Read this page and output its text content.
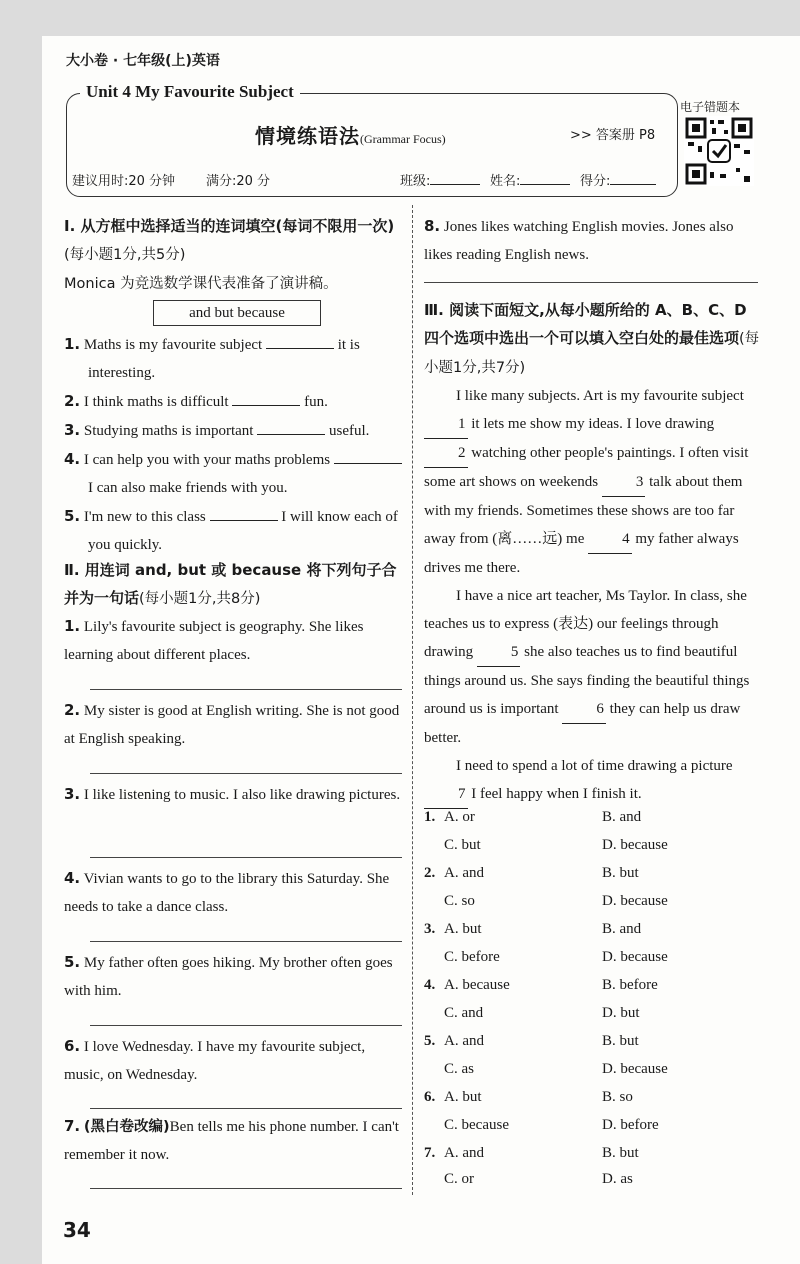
大小卷 · 七年级(上)英语
Unit 4 My Favourite Subject
情境练语法(Grammar Focus)	>> 答案册 P8
建议用时:20 分钟 满分:20 分	班级:	姓名:	得分:
电子错题本
Ⅰ. 从方框中选择适当的连词填空(每词不限用一次)(每小题1分,共5分)
Monica 为竞选数学课代表准备了演讲稿。
and but because
1. Maths is my favourite subject	it is interesting.
2. I think maths is difficult	fun.
3. Studying maths is important	useful.
4. I can help you with your maths problems  I can also make friends with you.
5. I'm new to this class	I will know each of you quickly.
Ⅱ. 用连词 and, but 或 because 将下列句子合并为一句话(每小题1分,共8分)
1. Lily's favourite subject is geography. She likes learning about different places.
2. My sister is good at English writing. She is not good at English speaking.
3. I like listening to music. I also like drawing pictures.
4. Vivian wants to go to the library this Saturday. She needs to take a dance class.
5. My father often goes hiking. My brother often goes with him.
6. I love Wednesday. I have my favourite subject, music, on Wednesday.
7. (黑白卷改编)Ben tells me his phone number. I can't remember it now.
8. Jones likes watching English movies. Jones also likes reading English news.
Ⅲ. 阅读下面短文,从每小题所给的 A、B、C、D 四个选项中选出一个可以填入空白处的最佳选项(每小题1分,共7分)
I like many subjects. Art is my favourite subject 1 it lets me show my ideas. I love drawing 2 watching other people's paintings. I often visit some art shows on weekends 3 talk about them with my friends. Sometimes these shows are too far away from (离……远) me 4 my father always drives me there.
I have a nice art teacher, Ms Taylor. In class, she teaches us to express (表达) our feelings through drawing 5 she also teaches us to find beautiful things around us. She says finding the beautiful things around us is important 6 they can help us draw better.
I need to spend a lot of time drawing a picture 7 I feel happy when I finish it.
1. A. or	B. and
C. but	D. because
2. A. and	B. but
C. so	D. because
3. A. but	B. and
C. before	D. because
4. A. because	B. before
C. and	D. but
5. A. and	B. but
C. as	D. because
6. A. but	B. so
C. because	D. before
7. A. and	B. but
C. or	D. as
34
